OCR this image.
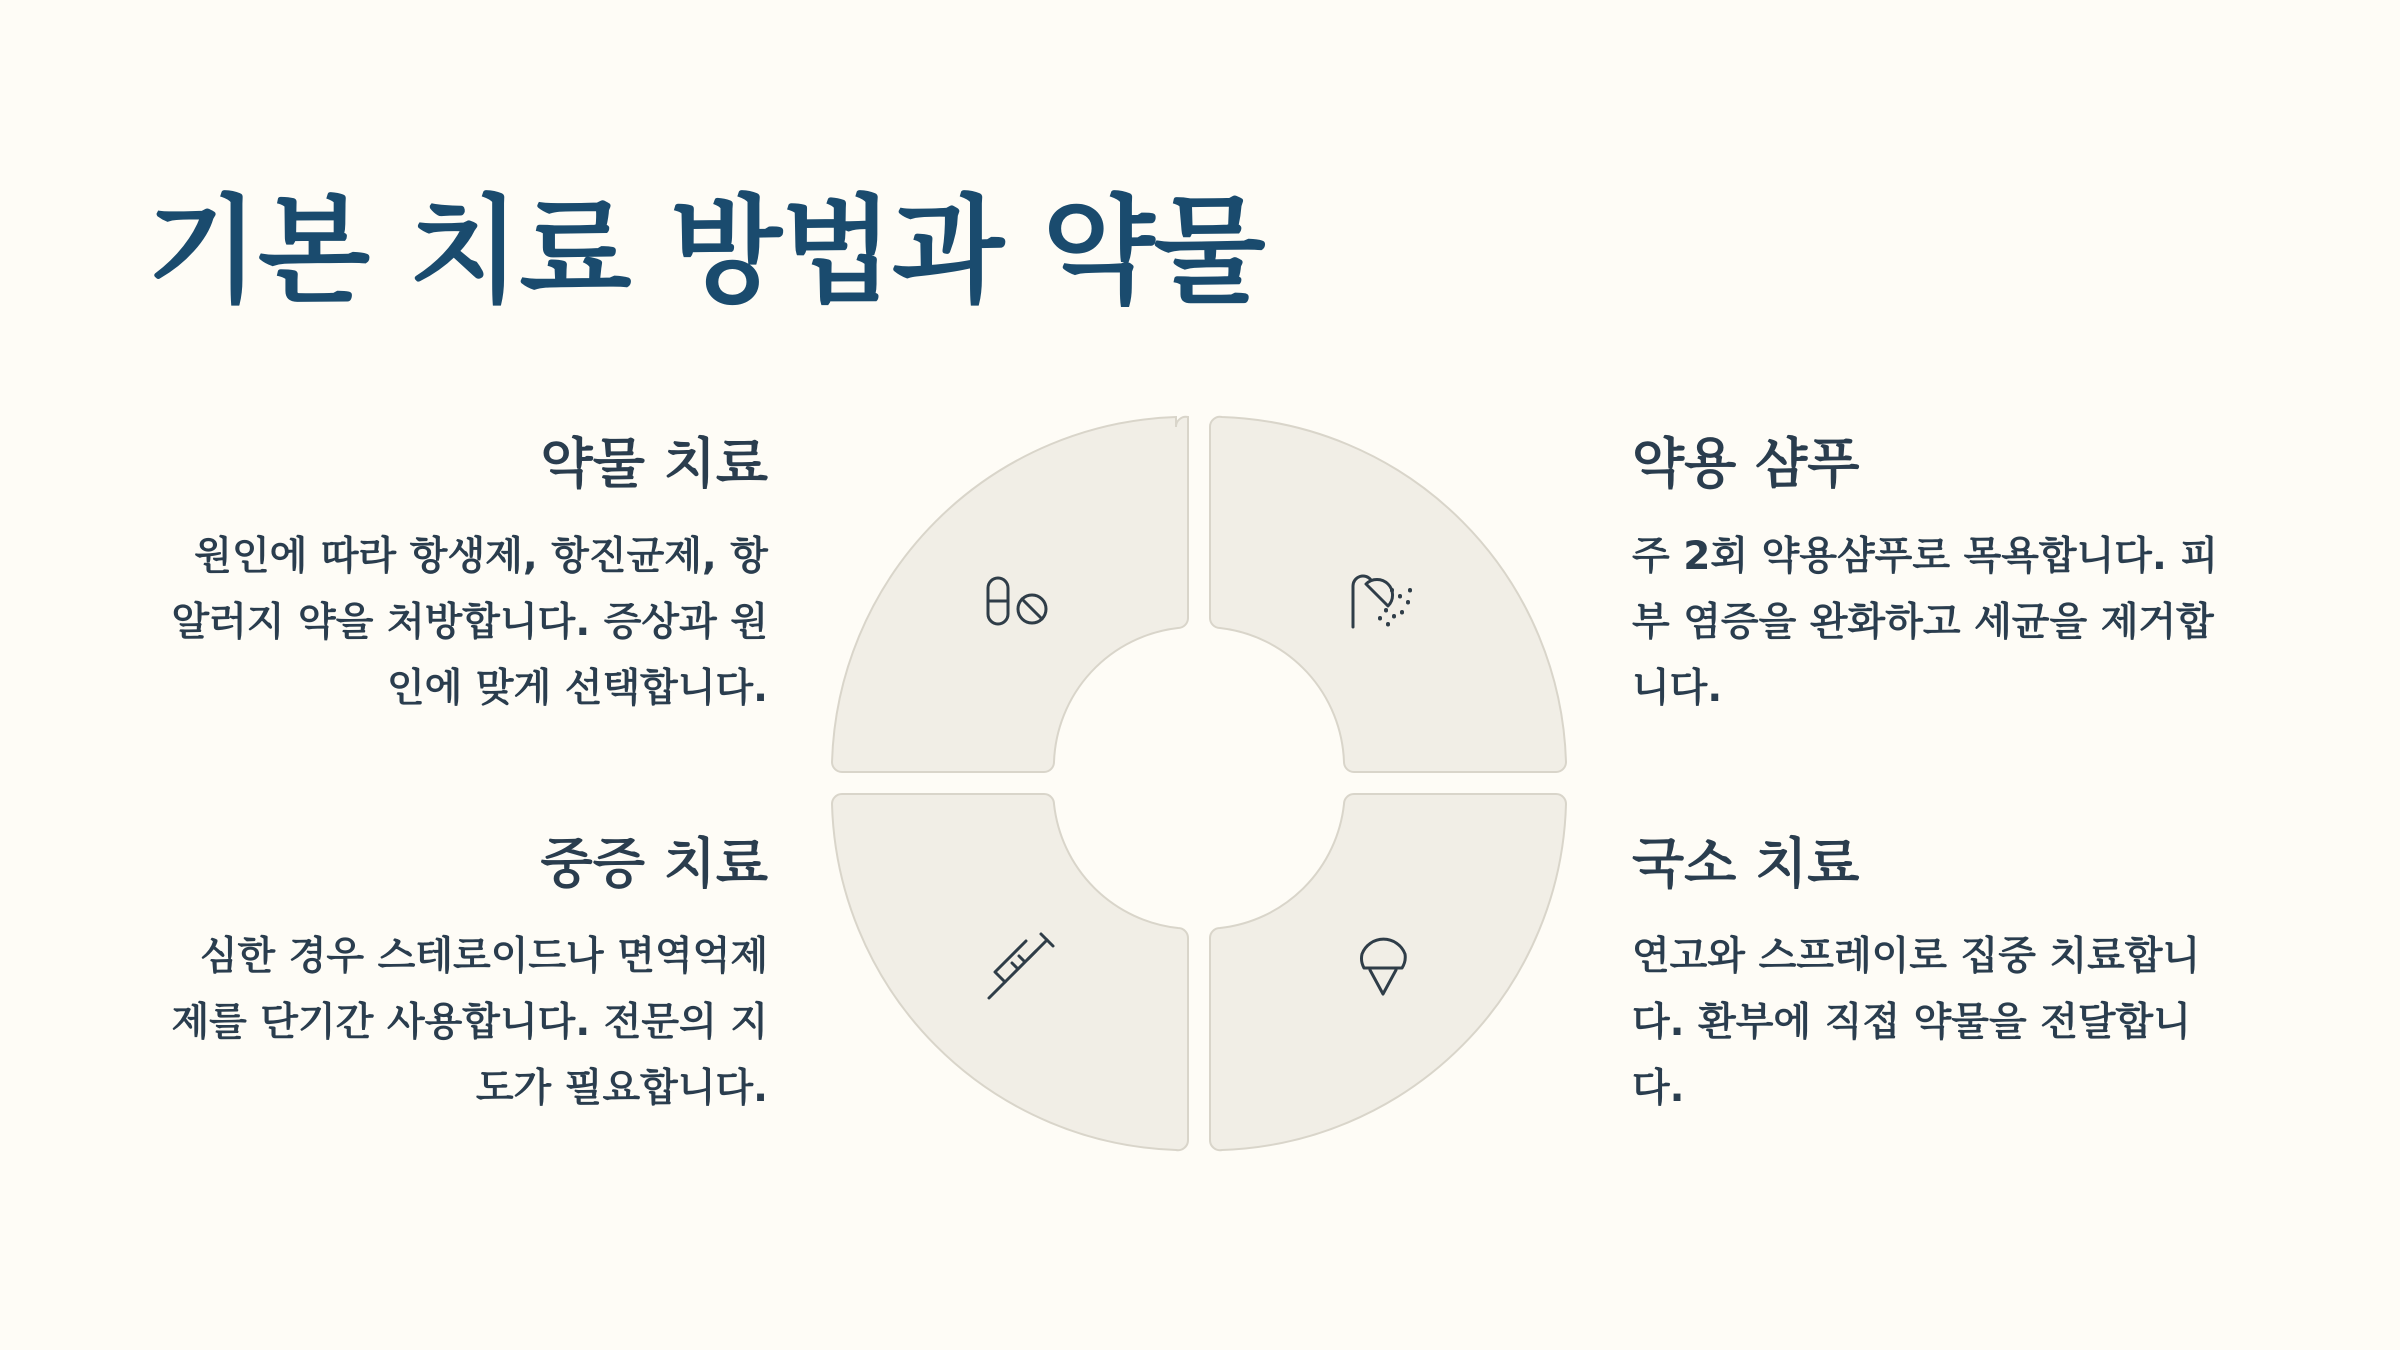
기본 치료 방법과 약물
약물 치료

원인에 따라 항생제, 항진균제, 항알러지 약을 처방합니다. 증상과 원인에 맞게 선택합니다.

중증 치료

심한 경우 스테로이드나 면역억제제를 단기간 사용합니다. 전문의 지도가 필요합니다.

약용 샴푸

주 2회 약용샴푸로 목욕합니다. 피부 염증을 완화하고 세균을 제거합니다.

국소 치료

연고와 스프레이로 집중 치료합니다. 환부에 직접 약물을 전달합니다.
